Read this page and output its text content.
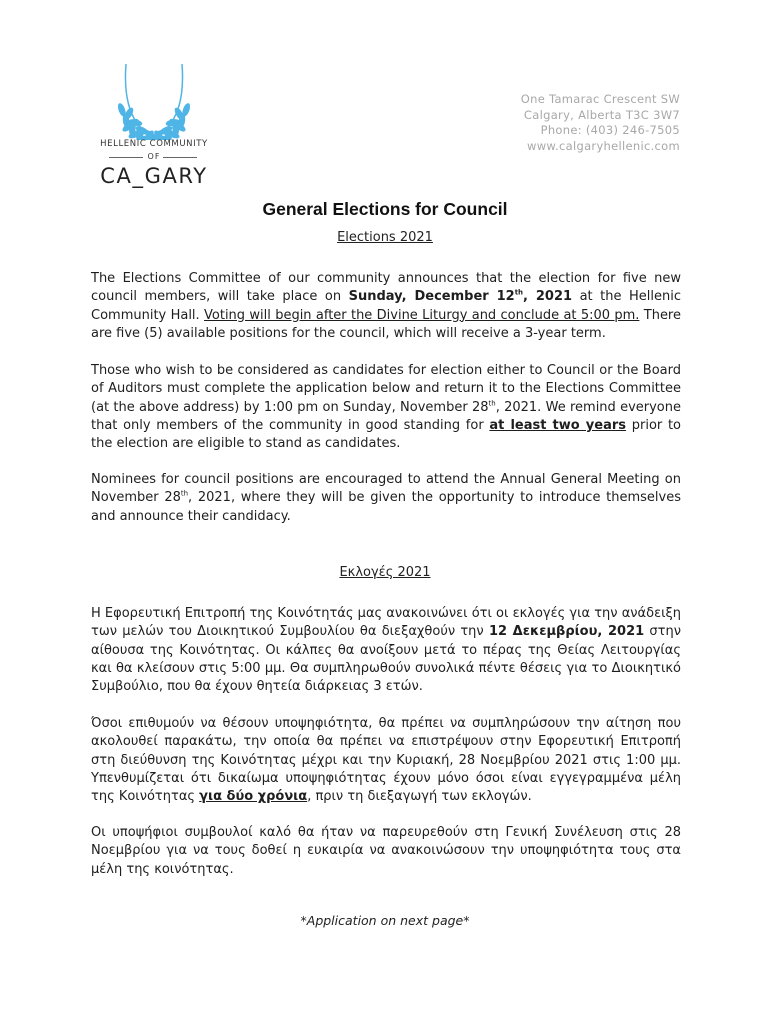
HELLENIC COMMUNITY
OF
CA_GARY
One Tamarac Crescent SW
Calgary, Alberta T3C 3W7
Phone: (403) 246-7505
www.calgaryhellenic.com
General Elections for Council
Elections 2021
The Elections Committee of our community announces that the election for five new council members, will take place on Sunday, December 12th, 2021 at the Hellenic Community Hall. Voting will begin after the Divine Liturgy and conclude at 5:00 pm. There are five (5) available positions for the council, which will receive a 3-year term.
Those who wish to be considered as candidates for election either to Council or the Board of Auditors must complete the application below and return it to the Elections Committee (at the above address) by 1:00 pm on Sunday, November 28th, 2021. We remind everyone that only members of the community in good standing for at least two years prior to the election are eligible to stand as candidates.
Nominees for council positions are encouraged to attend the Annual General Meeting on November 28th, 2021, where they will be given the opportunity to introduce themselves and announce their candidacy.
Εκλογές 2021
Η Εφορευτική Επιτροπή της Κοινότητάς μας ανακοινώνει ότι οι εκλογές για την ανάδειξη των μελών του Διοικητικού Συμβουλίου θα διεξαχθούν την 12 Δεκεμβρίου, 2021 στην αίθουσα της Κοινότητας. Οι κάλπες θα ανοίξουν μετά το πέρας της Θείας Λειτουργίας και θα κλείσουν στις 5:00 μμ. Θα συμπληρωθούν συνολικά πέντε θέσεις για το Διοικητικό Συμβούλιο, που θα έχουν θητεία διάρκειας 3 ετών.
Όσοι επιθυμούν να θέσουν υποψηφιότητα, θα πρέπει να συμπληρώσουν την αίτηση που ακολουθεί παρακάτω, την οποία θα πρέπει να επιστρέψουν στην Εφορευτική Επιτροπή στη διεύθυνση της Κοινότητας μέχρι και την Κυριακή, 28 Νοεμβρίου 2021 στις 1:00 μμ. Υπενθυμίζεται ότι δικαίωμα υποψηφιότητας έχουν μόνο όσοι είναι εγγεγραμμένα μέλη της Κοινότητας για δύο χρόνια, πριν τη διεξαγωγή των εκλογών.
Οι υποψήφιοι συμβουλοί καλό θα ήταν να παρευρεθούν στη Γενική Συνέλευση στις 28 Νοεμβρίου για να τους δοθεί η ευκαιρία να ανακοινώσουν την υποψηφιότητα τους στα μέλη της κοινότητας.
*Application on next page*
